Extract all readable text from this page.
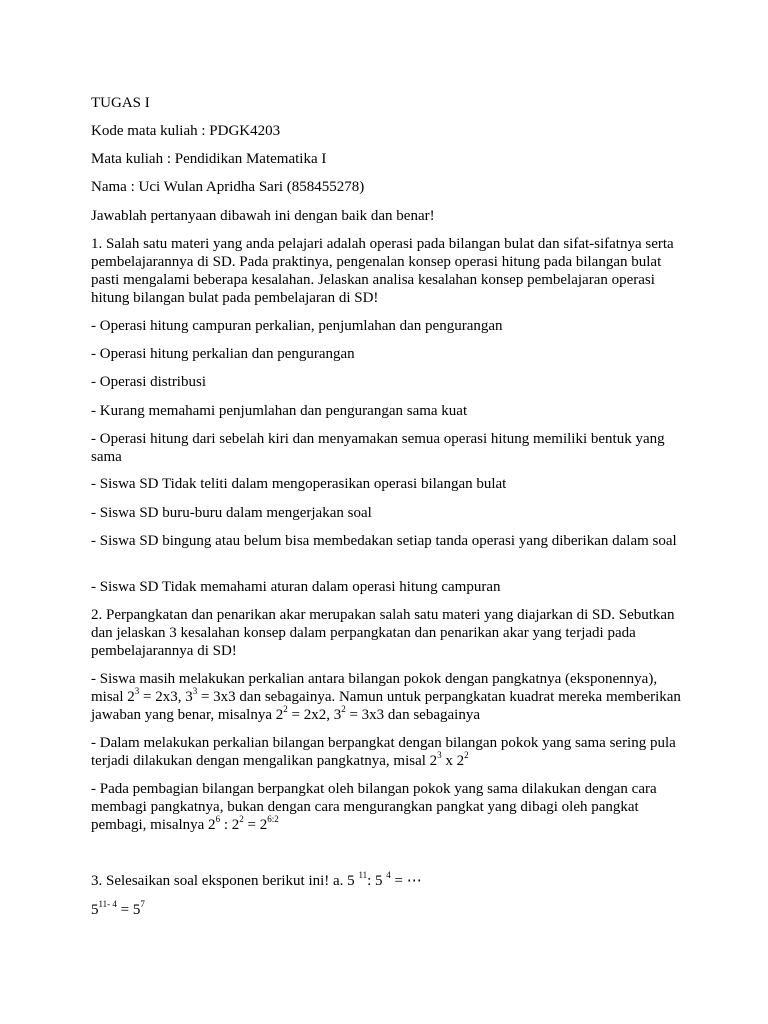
TUGAS I

Kode mata kuliah : PDGK4203

Mata kuliah : Pendidikan Matematika I

Nama : Uci Wulan Apridha Sari (858455278)

Jawablah pertanyaan dibawah ini dengan baik dan benar!

1. Salah satu materi yang anda pelajari adalah operasi pada bilangan bulat dan sifat-sifatnya serta pembelajarannya di SD. Pada praktinya, pengenalan konsep operasi hitung pada bilangan bulat pasti mengalami beberapa kesalahan. Jelaskan analisa kesalahan konsep pembelajaran operasi hitung bilangan bulat pada pembelajaran di SD!

- Operasi hitung campuran perkalian, penjumlahan dan pengurangan

- Operasi hitung perkalian dan pengurangan

- Operasi distribusi

- Kurang memahami penjumlahan dan pengurangan sama kuat

- Operasi hitung dari sebelah kiri dan menyamakan semua operasi hitung memiliki bentuk yang sama

- Siswa SD Tidak teliti dalam mengoperasikan operasi bilangan bulat

- Siswa SD buru-buru dalam mengerjakan soal

- Siswa SD bingung atau belum bisa membedakan setiap tanda operasi yang diberikan dalam soal

- Siswa SD Tidak memahami aturan dalam operasi hitung campuran

2. Perpangkatan dan penarikan akar merupakan salah satu materi yang diajarkan di SD. Sebutkan dan jelaskan 3 kesalahan konsep dalam perpangkatan dan penarikan akar yang terjadi pada pembelajarannya di SD!

- Siswa masih melakukan perkalian antara bilangan pokok dengan pangkatnya (eksponennya), misal $2^3 = 2x3$, $3^3 = 3x3$ dan sebagainya. Namun untuk perpangkatan kuadrat mereka memberikan jawaban yang benar, misalnya $2^2 = 2x2$, $3^2 = 3x3$ dan sebagainya

- Dalam melakukan perkalian bilangan berpangkat dengan bilangan pokok yang sama sering pula terjadi dilakukan dengan mengalikan pangkatnya, misal $2^3$ x $2^2$

- Pada pembagian bilangan berpangkat oleh bilangan pokok yang sama dilakukan dengan cara membagi pangkatnya, bukan dengan cara mengurangkan pangkat yang dibagi oleh pangkat pembagi, misalnya $2^6$ : $2^2 = 2^{6:2}$

3. Selesaikan soal eksponen berikut ini! a. 5 $^{11}$: 5 $^4$ = ⋯

$5^{11- 4} = 5^7$
